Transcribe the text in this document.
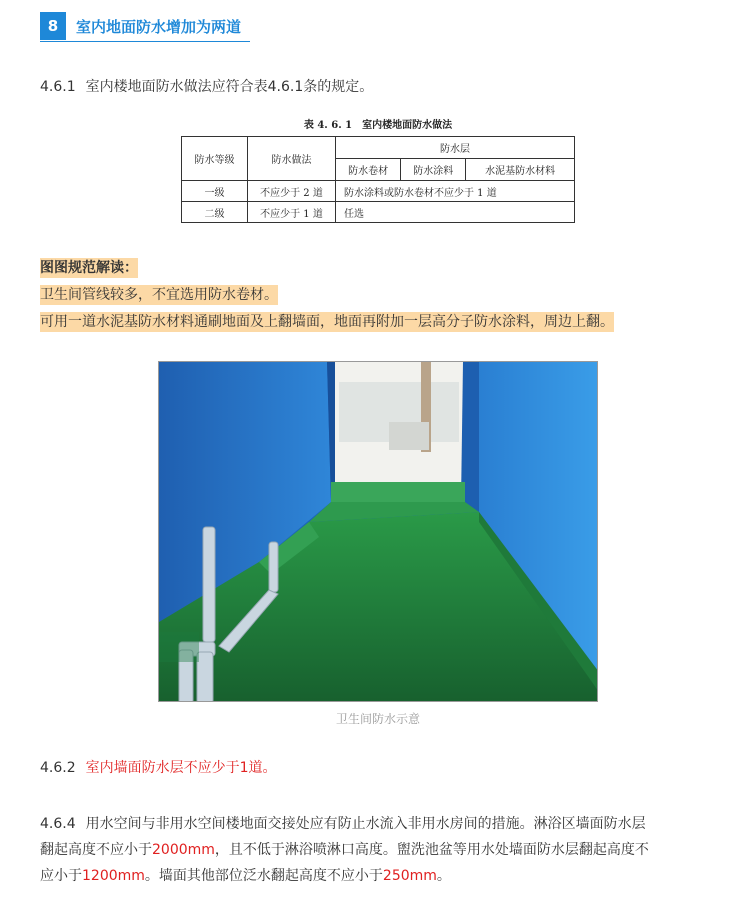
8	室内地面防水增加为两道
4.6.1 室内楼地面防水做法应符合表4.6.1条的规定。
表 4. 6. 1　室内楼地面防水做法
防水等级	防水做法	防水层		
		防水卷材	防水涂料	水泥基防水材料
一级	不应少于 2 道	防水涂料或防水卷材不应少于 1 道		
二级	不应少于 1 道	任选		
图图规范解读：
卫生间管线较多，不宜选用防水卷材。
可用一道水泥基防水材料通刷地面及上翻墙面，地面再附加一层高分子防水涂料，周边上翻。
卫生间防水示意
4.6.2 室内墙面防水层不应少于1道。
4.6.4 用水空间与非用水空间楼地面交接处应有防止水流入非用水房间的措施。淋浴区墙面防水层
翻起高度不应小于2000mm，且不低于淋浴喷淋口高度。盥洗池盆等用水处墙面防水层翻起高度不
应小于1200mm。墙面其他部位泛水翻起高度不应小于250mm。
